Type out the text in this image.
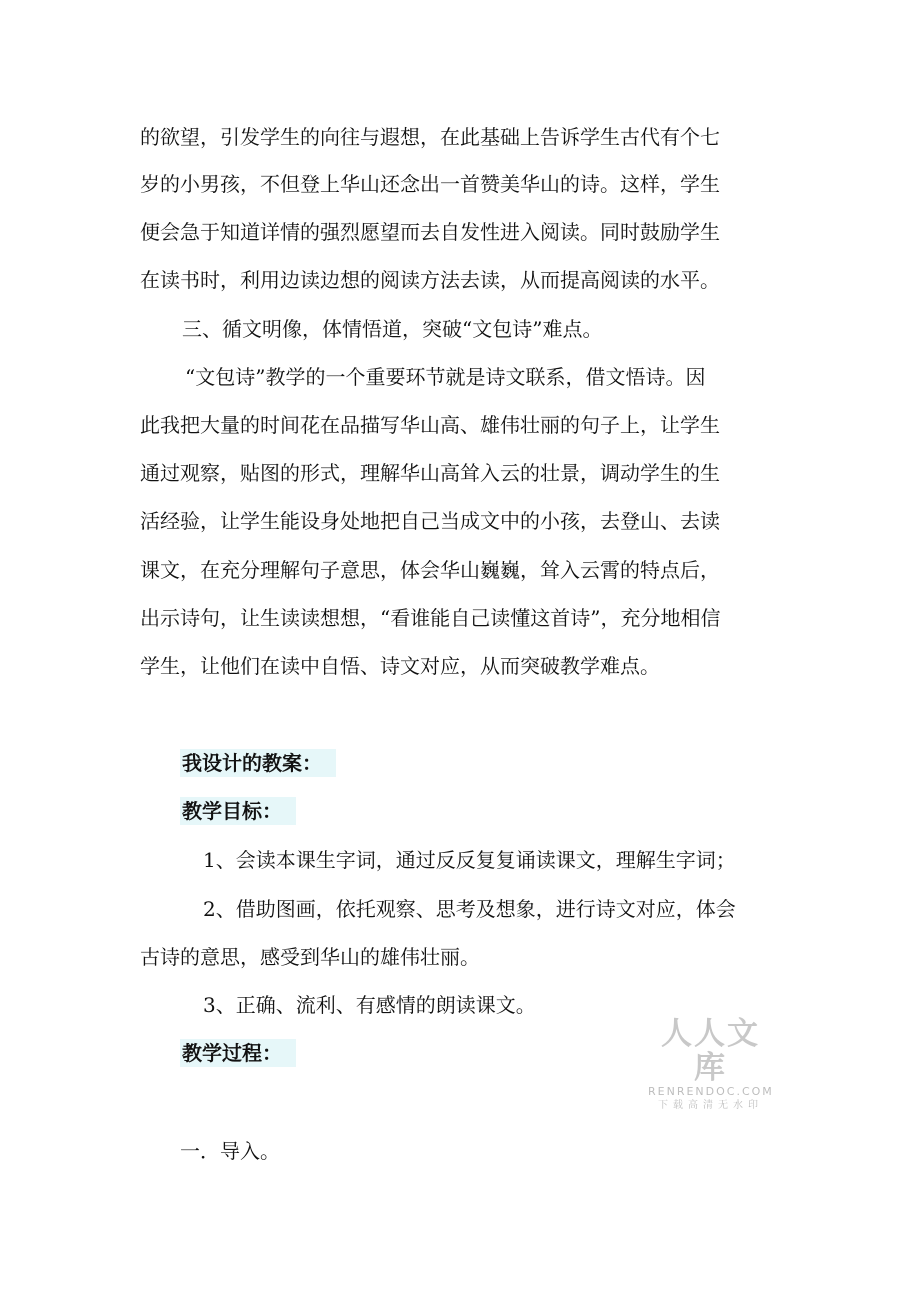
的欲望，引发学生的向往与遐想，在此基础上告诉学生古代有个七
岁的小男孩，不但登上华山还念出一首赞美华山的诗。这样，学生
便会急于知道详情的强烈愿望而去自发性进入阅读。同时鼓励学生
在读书时，利用边读边想的阅读方法去读，从而提高阅读的水平。
三、循文明像，体情悟道，突破“文包诗”难点。
“文包诗”教学的一个重要环节就是诗文联系，借文悟诗。因
此我把大量的时间花在品描写华山高、雄伟壮丽的句子上，让学生
通过观察，贴图的形式，理解华山高耸入云的壮景，调动学生的生
活经验，让学生能设身处地把自己当成文中的小孩，去登山、去读
课文，在充分理解句子意思，体会华山巍巍，耸入云霄的特点后，
出示诗句，让生读读想想，“看谁能自己读懂这首诗”，充分地相信
学生，让他们在读中自悟、诗文对应，从而突破教学难点。
我设计的教案：
教学目标：
1、会读本课生字词，通过反反复复诵读课文，理解生字词；
2、借助图画，依托观察、思考及想象，进行诗文对应，体会
古诗的意思，感受到华山的雄伟壮丽。
3、正确、流利、有感情的朗读课文。
教学过程：
一．导入。
人人文库
RENRENDOC.COM
下载高清无水印
